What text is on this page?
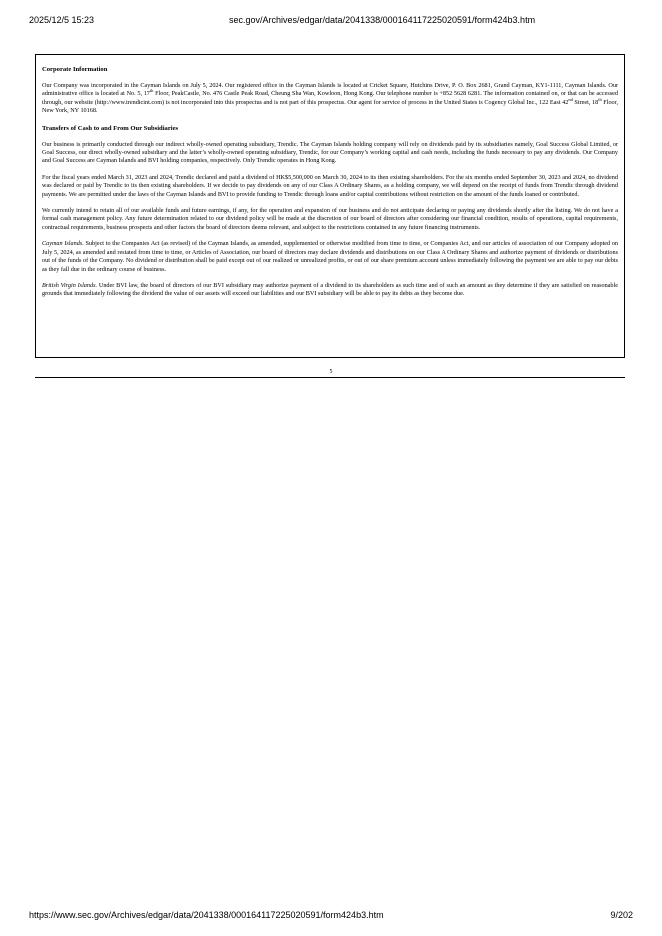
2025/12/5 15:23	sec.gov/Archives/edgar/data/2041338/000164117225020591/form424b3.htm
Corporate Information

Our Company was incorporated in the Cayman Islands on July 5, 2024. Our registered office in the Cayman Islands is located at Cricket Square, Hutchins Drive, P. O. Box 2681, Grand Cayman, KY1-1111, Cayman Islands. Our administrative office is located at No. 5, 17th Floor, PeakCastle, No. 476 Castle Peak Road, Cheung Sha Wan, Kowloon, Hong Kong. Our telephone number is +852 5628 6281. The information contained on, or that can be accessed through, our website (http://www.trendicint.com) is not incorporated into this prospectus and is not part of this prospectus. Our agent for service of process in the United States is Cogency Global Inc., 122 East 42nd Street, 18th Floor, New York, NY 10168.

Transfers of Cash to and From Our Subsidiaries

Our business is primarily conducted through our indirect wholly-owned operating subsidiary, Trendic. The Cayman Islands holding company will rely on dividends paid by its subsidiaries namely, Goal Success Global Limited, or Goal Success, our direct wholly-owned subsidiary and the latter’s wholly-owned operating subsidiary, Trendic, for our Company’s working capital and cash needs, including the funds necessary to pay any dividends. Our Company and Goal Success are Cayman Islands and BVI holding companies, respectively. Only Trendic operates in Hong Kong.

For the fiscal years ended March 31, 2023 and 2024, Trendic declared and paid a dividend of HK$5,500,000 on March 30, 2024 to its then existing shareholders. For the six months ended September 30, 2023 and 2024, no dividend was declared or paid by Trendic to its then existing shareholders. If we decide to pay dividends on any of our Class A Ordinary Shares, as a holding company, we will depend on the receipt of funds from Trendic through dividend payments. We are permitted under the laws of the Cayman Islands and BVI to provide funding to Trendic through loans and/or capital contributions without restriction on the amount of the funds loaned or contributed.

We currently intend to retain all of our available funds and future earnings, if any, for the operation and expansion of our business and do not anticipate declaring or paying any dividends shortly after the listing. We do not have a formal cash management policy. Any future determination related to our dividend policy will be made at the discretion of our board of directors after considering our financial condition, results of operations, capital requirements, contractual requirements, business prospects and other factors the board of directors deems relevant, and subject to the restrictions contained in any future financing instruments.

Cayman Islands. Subject to the Companies Act (as revised) of the Cayman Islands, as amended, supplemented or otherwise modified from time to time, or Companies Act, and our articles of association of our Company adopted on July 5, 2024, as amended and restated from time to time, or Articles of Association, our board of directors may declare dividends and distributions on our Class A Ordinary Shares and authorize payment of dividends or distributions out of the funds of the Company. No dividend or distribution shall be paid except out of our realized or unrealized profits, or out of our share premium account unless immediately following the payment we are able to pay our debts as they fall due in the ordinary course of business.

British Virgin Islands. Under BVI law, the board of directors of our BVI subsidiary may authorize payment of a dividend to its shareholders as such time and of such an amount as they determine if they are satisfied on reasonable grounds that immediately following the dividend the value of our assets will exceed our liabilities and our BVI subsidiary will be able to pay its debts as they become due.

5
https://www.sec.gov/Archives/edgar/data/2041338/000164117225020591/form424b3.htm	9/202
